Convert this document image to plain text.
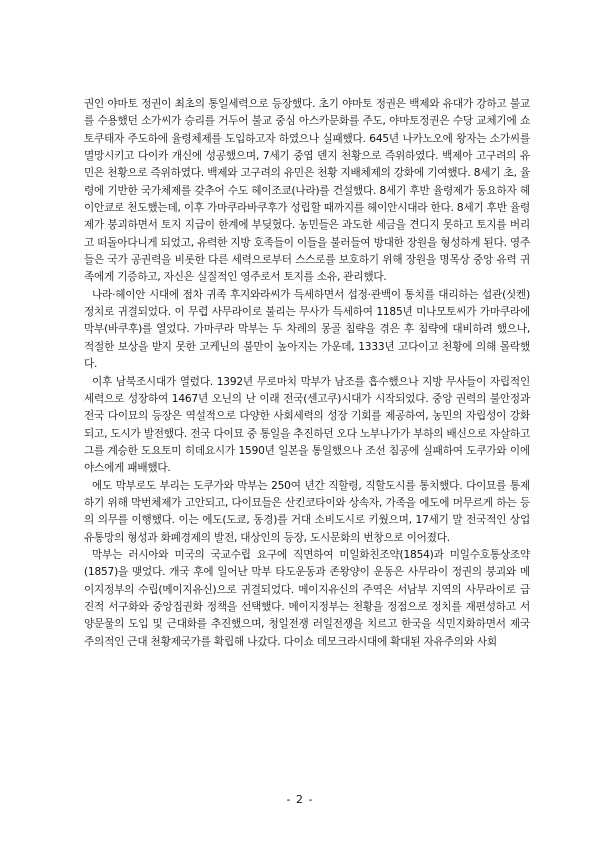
권인 야마토 정권이 최초의 통일세력으로 등장했다. 초기 야마토 정권은 백제와 유대가 강하고 불교를 수용했던 소가씨가 승리를 거두어 불교 중심 아스카문화를 주도, 야마토정권은 수당 교체기에 쇼토쿠태자 주도하에 율령체제를 도입하고자 하였으나 실패했다. 645년 나카노오에 왕자는 소가씨를 멸망시키고 다이카 개신에 성공했으며, 7세기 중엽 덴지 천황으로 즉위하였다. 백제아 고구려의 유민은 천황으로 즉위하였다. 백제와 고구려의 유민은 천황 지배체제의 강화에 기여했다. 8세기 초, 율령에 기반한 국가체제를 갖추어 수도 헤이조쿄(나라)를 건설했다. 8세기 후반 율령제가 동요하자 헤이안쿄로 천도했는데, 이후 가마쿠라바쿠후가 성립할 때까지를 헤이안시대라 한다. 8세기 후반 율령제가 붕괴하면서 토지 지급이 한계에 부딪혔다. 농민들은 과도한 세금을 견디지 못하고 토지를 버리고 떠돌아다니게 되었고, 유력한 지방 호족들이 이들을 불러들여 방대한 장원을 형성하게 된다. 영주들은 국가 공권력을 비롯한 다른 세력으로부터 스스로를 보호하기 위해 장원을 명목상 중앙 유력 귀족에게 기증하고, 자신은 실질적인 영주로서 토지를 소유, 관리했다.

나라·헤이안 시대에 점차 귀족 후지와라씨가 득세하면서 섭정·관백이 통치를 대리하는 섭관(싯켄) 정치로 귀결되었다. 이 무렵 사무라이로 불리는 무사가 득세하여 1185년 미나모토씨가 가마쿠라에 막부(바쿠후)를 열었다. 가마쿠라 막부는 두 차례의 몽골 침략을 겪은 후 침략에 대비하려 했으나, 적절한 보상을 받지 못한 고케닌의 불만이 높아지는 가운데, 1333년 고다이고 천황에 의해 몰락했다.

이후 남북조시대가 열렸다. 1392년 무로마치 막부가 남조를 흡수했으나 지방 무사들이 자립적인 세력으로 성장하여 1467년 오닌의 난 이래 전국(센고쿠)시대가 시작되었다. 중앙 권력의 불안정과 전국 다이묘의 등장은 역설적으로 다양한 사회세력의 성장 기회를 제공하여, 농민의 자립성이 강화되고, 도시가 발전했다. 전국 다이묘 중 통일을 추진하던 오다 노부나가가 부하의 배신으로 자살하고 그를 계승한 도요토미 히데요시가 1590년 일본을 통일했으나 조선 침공에 실패하여 도쿠가와 이에야스에게 패배했다.

에도 막부로도 부리는 도쿠가와 막부는 250여 년간 직할령, 직할도시를 통치했다. 다이묘를 통제하기 위해 막번체제가 고안되고, 다이묘들은 산킨코타이와 상속자, 가족을 에도에 머무르게 하는 등의 의무를 이행했다. 이는 에도(도쿄, 동경)를 거대 소비도시로 키웠으며, 17세기 말 전국적인 상업유통망의 형성과 화폐경제의 발전, 대상인의 등장, 도시문화의 번창으로 이어졌다.

막부는 러시아와 미국의 국교수립 요구에 직면하여 미일화친조약(1854)과 미일수호통상조약(1857)을 맺었다. 개국 후에 일어난 막부 타도운동과 존왕양이 운동은 사무라이 정권의 붕괴와 메이지정부의 수립(메이지유신)으로 귀결되었다. 메이지유신의 주역은 서남부 지역의 사무라이로 급진적 서구화와 중앙집권화 정책을 선택했다. 메이지정부는 천황을 정점으로 정치를 재편성하고 서양문물의 도입 및 근대화를 추진했으며, 청일전쟁 러일전쟁을 치르고 한국을 식민지화하면서 제국주의적인 근대 천황제국가를 확립해 나갔다. 다이쇼 데모크라시대에 확대된 자유주의와 사회

- 2 -
